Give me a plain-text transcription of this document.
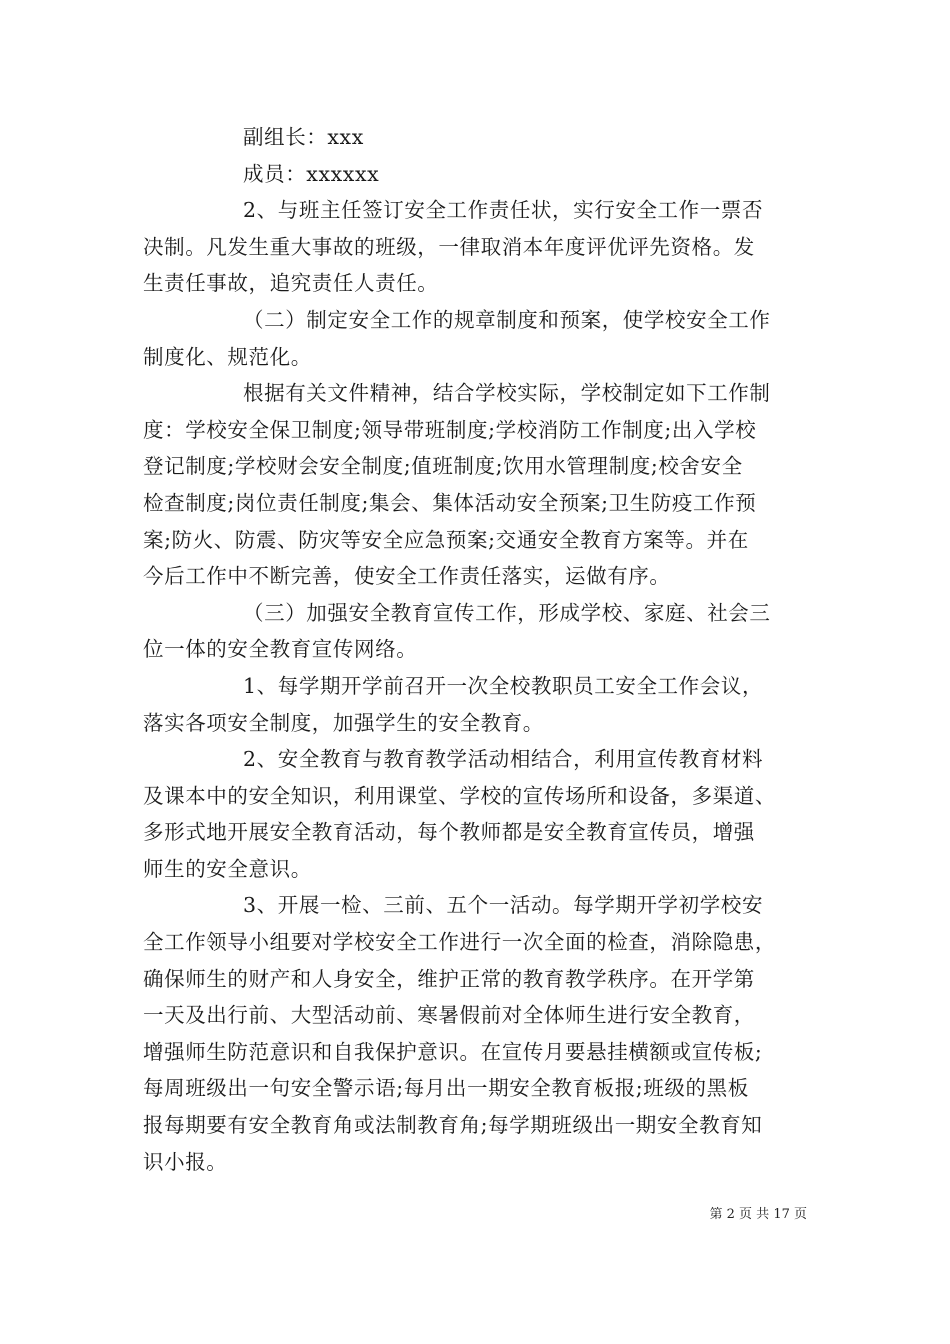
副组长：xxx
成员：xxxxxx
2、与班主任签订安全工作责任状，实行安全工作一票否
决制。凡发生重大事故的班级，一律取消本年度评优评先资格。发
生责任事故，追究责任人责任。
（二）制定安全工作的规章制度和预案，使学校安全工作
制度化、规范化。
根据有关文件精神，结合学校实际，学校制定如下工作制
度：学校安全保卫制度;领导带班制度;学校消防工作制度;出入学校
登记制度;学校财会安全制度;值班制度;饮用水管理制度;校舍安全
检查制度;岗位责任制度;集会、集体活动安全预案;卫生防疫工作预
案;防火、防震、防灾等安全应急预案;交通安全教育方案等。并在
今后工作中不断完善，使安全工作责任落实，运做有序。
（三）加强安全教育宣传工作，形成学校、家庭、社会三
位一体的安全教育宣传网络。
1、每学期开学前召开一次全校教职员工安全工作会议，
落实各项安全制度，加强学生的安全教育。
2、安全教育与教育教学活动相结合，利用宣传教育材料
及课本中的安全知识，利用课堂、学校的宣传场所和设备，多渠道、
多形式地开展安全教育活动，每个教师都是安全教育宣传员，增强
师生的安全意识。
3、开展一检、三前、五个一活动。每学期开学初学校安
全工作领导小组要对学校安全工作进行一次全面的检查，消除隐患，
确保师生的财产和人身安全，维护正常的教育教学秩序。在开学第
一天及出行前、大型活动前、寒暑假前对全体师生进行安全教育，
增强师生防范意识和自我保护意识。在宣传月要悬挂横额或宣传板;
每周班级出一句安全警示语;每月出一期安全教育板报;班级的黑板
报每期要有安全教育角或法制教育角;每学期班级出一期安全教育知
识小报。
第 2 页 共 17 页
